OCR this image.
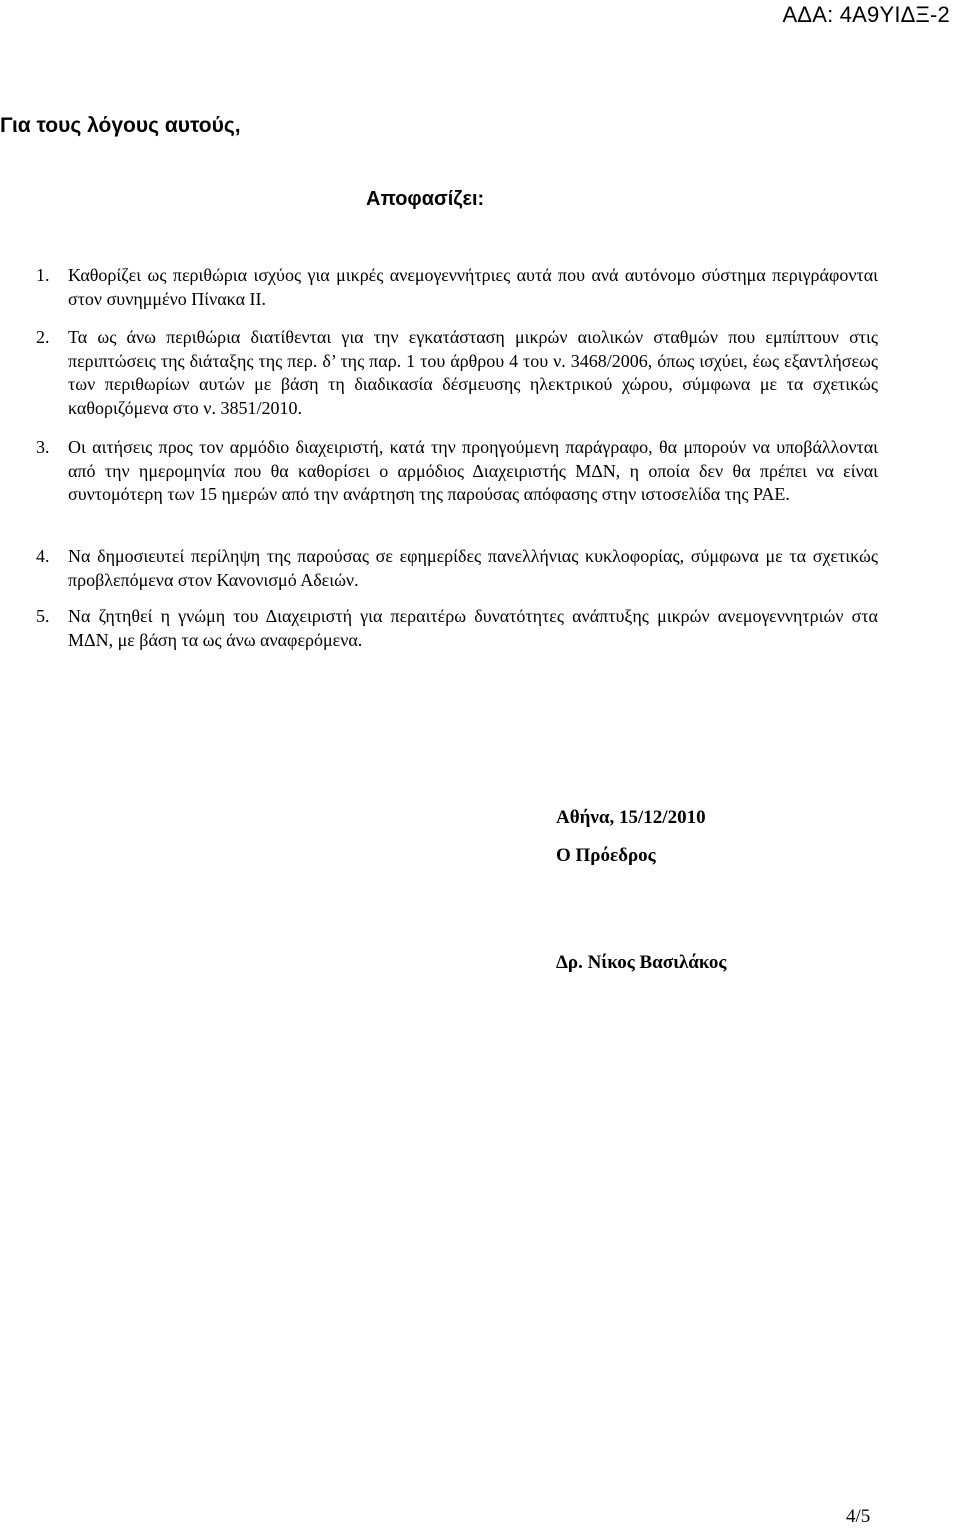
ΑΔΑ: 4Α9ΥΙΔΞ-2
Για τους λόγους αυτούς,
Αποφασίζει:
1. Καθορίζει ως περιθώρια ισχύος για μικρές ανεμογεννήτριες αυτά που ανά αυτόνομο σύστημα περιγράφονται στον συνημμένο Πίνακα ΙΙ.
2. Τα ως άνω περιθώρια διατίθενται για την εγκατάσταση μικρών αιολικών σταθμών που εμπίπτουν στις περιπτώσεις της διάταξης της περ. δ’ της παρ. 1 του άρθρου 4 του ν. 3468/2006, όπως ισχύει, έως εξαντλήσεως των περιθωρίων αυτών με βάση τη διαδικασία δέσμευσης ηλεκτρικού χώρου, σύμφωνα με τα σχετικώς καθοριζόμενα στο ν. 3851/2010.
3. Οι αιτήσεις προς τον αρμόδιο διαχειριστή, κατά την προηγούμενη παράγραφο, θα μπορούν να υποβάλλονται από την ημερομηνία που θα καθορίσει ο αρμόδιος Διαχειριστής ΜΔΝ, η οποία δεν θα πρέπει να είναι συντομότερη των 15 ημερών από την ανάρτηση της παρούσας απόφασης στην ιστοσελίδα της ΡΑΕ.
4. Να δημοσιευτεί περίληψη της παρούσας σε εφημερίδες πανελλήνιας κυκλοφορίας, σύμφωνα με τα σχετικώς προβλεπόμενα στον Κανονισμό Αδειών.
5. Να ζητηθεί η γνώμη του Διαχειριστή για περαιτέρω δυνατότητες ανάπτυξης μικρών ανεμογεννητριών στα ΜΔΝ, με βάση τα ως άνω αναφερόμενα.
Αθήνα, 15/12/2010
Ο Πρόεδρος
Δρ. Νίκος Βασιλάκος
4/5
